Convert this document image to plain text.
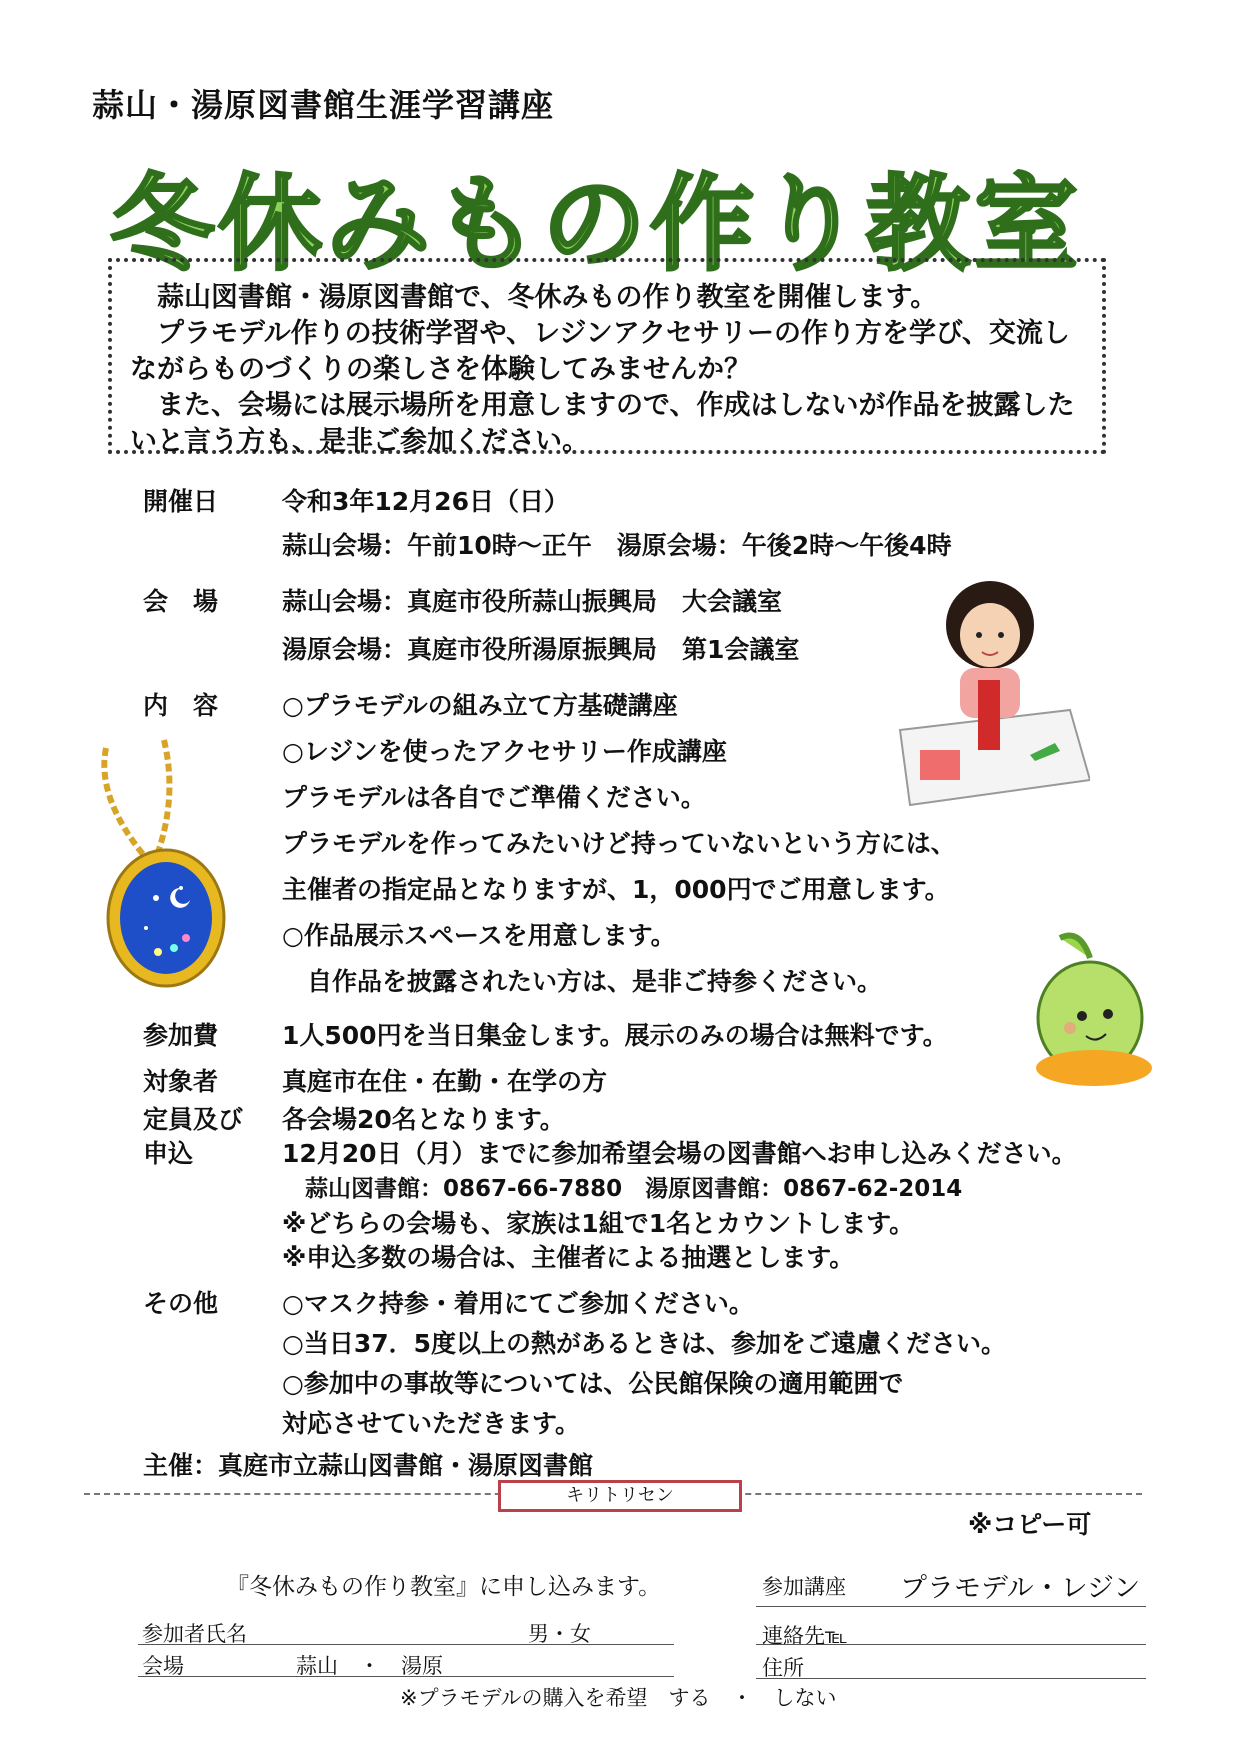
蒜山・湯原図書館生涯学習講座
冬休みもの作り教室

　蒜山図書館・湯原図書館で、冬休みもの作り教室を開催します。

　プラモデル作りの技術学習や、レジンアクセサリーの作り方を学び、交流しながらものづくりの楽しさを体験してみませんか？

　また、会場には展示場所を用意しますので、作成はしないが作品を披露したいと言う方も、是非ご参加ください。

開催日	令和3年12月26日（日）
蒜山会場：午前10時～正午　湯原会場：午後2時～午後4時
会　場	蒜山会場：真庭市役所蒜山振興局　大会議室
湯原会場：真庭市役所湯原振興局　第1会議室
内　容	○プラモデルの組み立て方基礎講座
○レジンを使ったアクセサリー作成講座
プラモデルは各自でご準備ください。
プラモデルを作ってみたいけど持っていないという方には、
主催者の指定品となりますが、1，000円でご用意します。
○作品展示スペースを用意します。
　自作品を披露されたい方は、是非ご持参ください。
参加費	1人500円を当日集金します。展示のみの場合は無料です。
対象者	真庭市在住・在勤・在学の方
定員及び
申込
各会場20名となります。
12月20日（月）までに参加希望会場の図書館へお申し込みください。
　蒜山図書館：0867-66-7880　湯原図書館：0867-62-2014
※どちらの会場も、家族は1組で1名とカウントします。
※申込多数の場合は、主催者による抽選とします。
その他	○マスク持参・着用にてご参加ください。
○当日37．5度以上の熱があるときは、参加をご遠慮ください。
○参加中の事故等については、公民館保険の適用範囲で
対応させていただきます。
主催：真庭市立蒜山図書館・湯原図書館
キリトリセン
※コピー可
『冬休みもの作り教室』に申し込みます。	参加講座 プラモデル・レジン
参加者氏名	男・女	連絡先℡
会場	蒜山　・　湯原	住所
※プラモデルの購入を希望　する　・　しない
